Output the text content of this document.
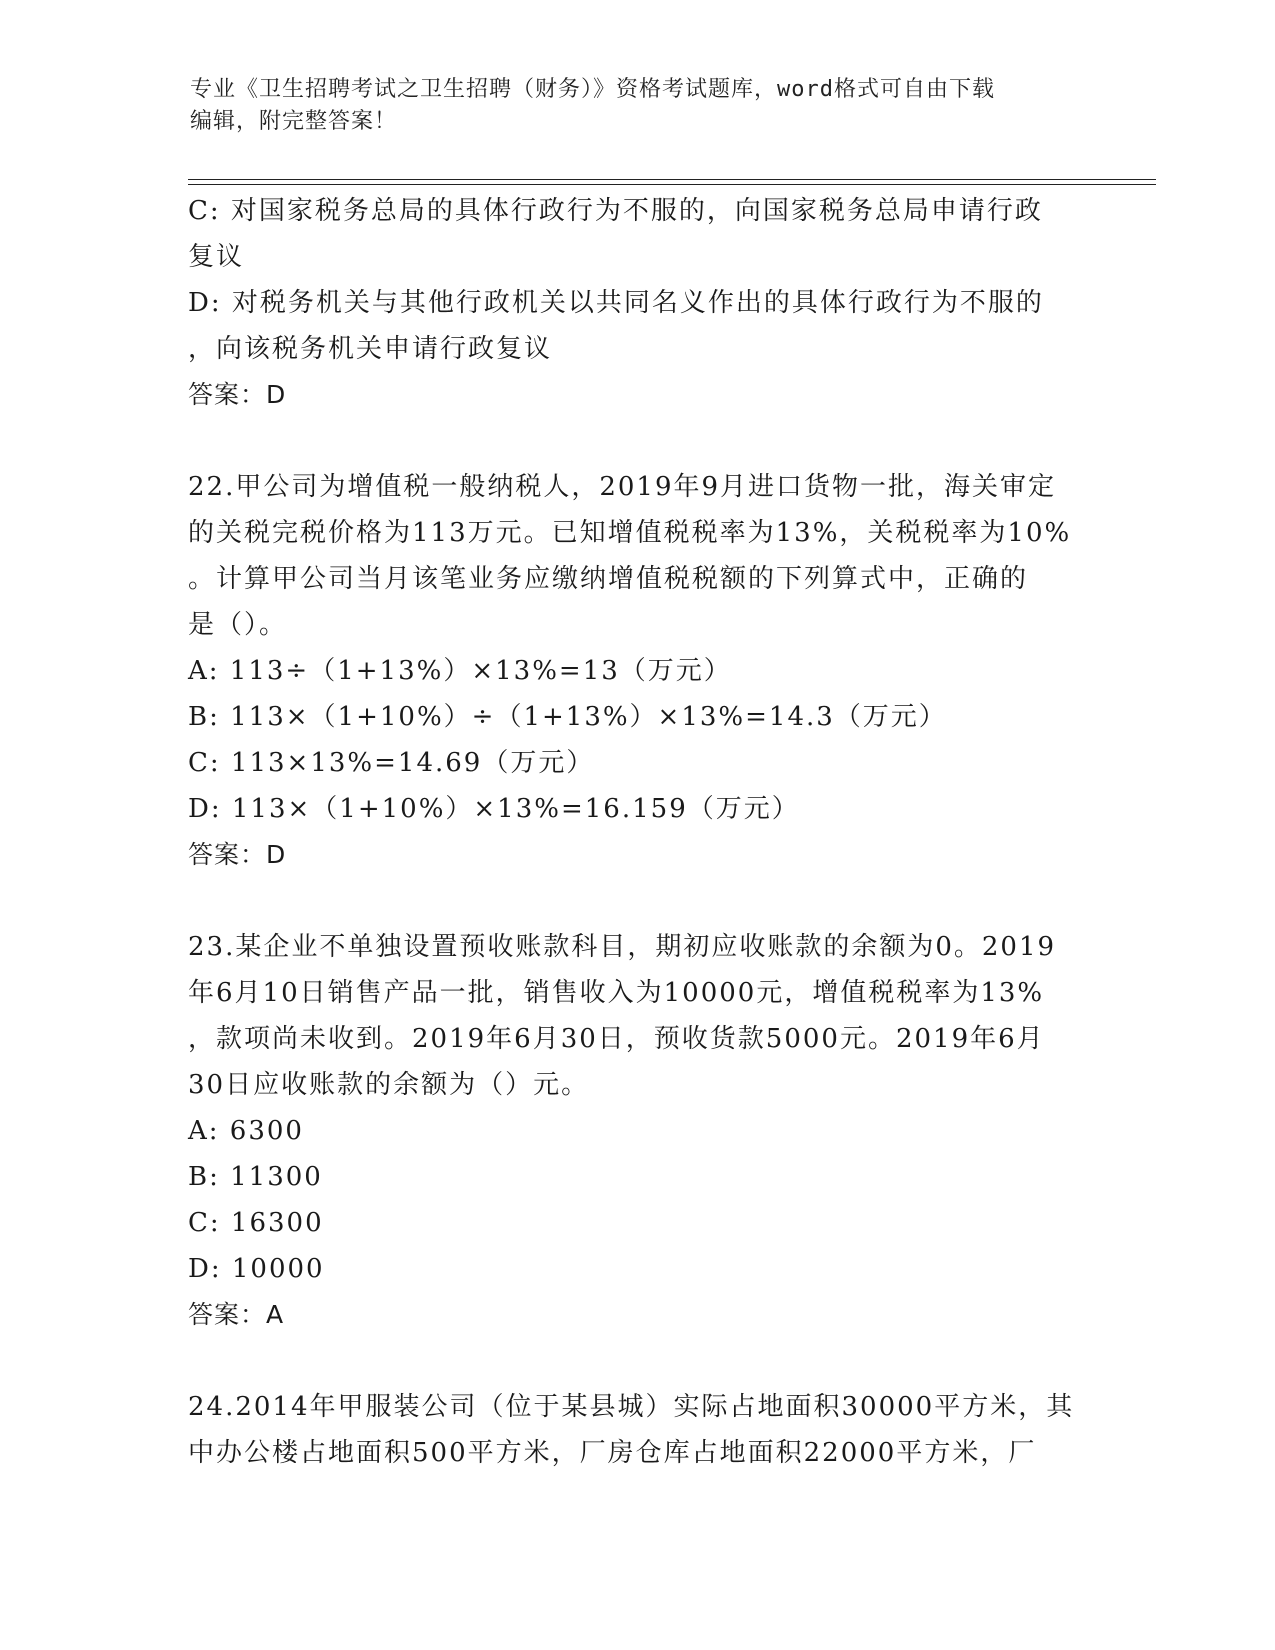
专业《卫生招聘考试之卫生招聘（财务）》资格考试题库，word格式可自由下载
编辑，附完整答案！
C: 对国家税务总局的具体行政行为不服的，向国家税务总局申请行政
复议
D: 对税务机关与其他行政机关以共同名义作出的具体行政行为不服的
，向该税务机关申请行政复议
答案：D
22.甲公司为增值税一般纳税人，2019年9月进口货物一批，海关审定
的关税完税价格为113万元。已知增值税税率为13%，关税税率为10%
。计算甲公司当月该笔业务应缴纳增值税税额的下列算式中，正确的
是（）。
A: 113÷（1+13%）×13%=13（万元）
B: 113×（1+10%）÷（1+13%）×13%=14.3（万元）
C: 113×13%=14.69（万元）
D: 113×（1+10%）×13%=16.159（万元）
答案：D
23.某企业不单独设置预收账款科目，期初应收账款的余额为0。2019
年6月10日销售产品一批，销售收入为10000元，增值税税率为13%
，款项尚未收到。2019年6月30日，预收货款5000元。2019年6月
30日应收账款的余额为（）元。
A: 6300
B: 11300
C: 16300
D: 10000
答案：A
24.2014年甲服装公司（位于某县城）实际占地面积30000平方米，其
中办公楼占地面积500平方米，厂房仓库占地面积22000平方米，厂
